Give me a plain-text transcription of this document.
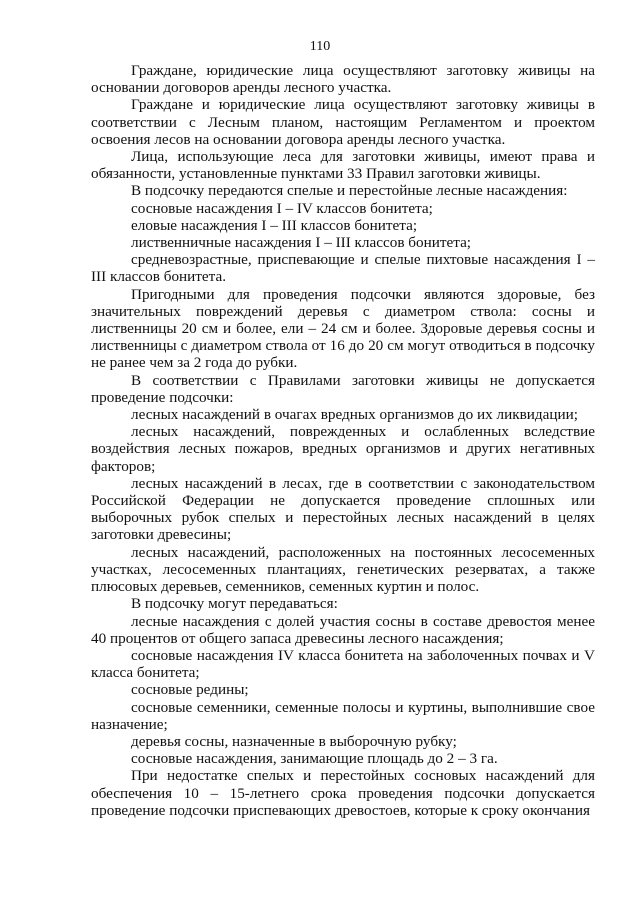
110

Граждане, юридические лица осуществляют заготовку живицы на основании договоров аренды лесного участка.

Граждане и юридические лица осуществляют заготовку живицы в соответствии с Лесным планом, настоящим Регламентом и проектом освоения лесов на основании договора аренды лесного участка.

Лица, использующие леса для заготовки живицы, имеют права и обязанности, установленные пунктами 33 Правил заготовки живицы.

В подсочку передаются спелые и перестойные лесные насаждения:

сосновые насаждения I – IV классов бонитета;

еловые насаждения I – III классов бонитета;

лиственничные насаждения I – III классов бонитета;

средневозрастные, приспевающие и спелые пихтовые насаждения I – III классов бонитета.

Пригодными для проведения подсочки являются здоровые, без значительных повреждений деревья с диаметром ствола: сосны и лиственницы 20 см и более, ели – 24 см и более. Здоровые деревья сосны и лиственницы с диаметром ствола от 16 до 20 см могут отводиться в подсочку не ранее чем за 2 года до рубки.

В соответствии с Правилами заготовки живицы не допускается проведение подсочки:

лесных насаждений в очагах вредных организмов до их ликвидации;

лесных насаждений, поврежденных и ослабленных вследствие воздействия лесных пожаров, вредных организмов и других негативных факторов;

лесных насаждений в лесах, где в соответствии с законодательством Российской Федерации не допускается проведение сплошных или выборочных рубок спелых и перестойных лесных насаждений в целях заготовки древесины;

лесных насаждений, расположенных на постоянных лесосеменных участках, лесосеменных плантациях, генетических резерватах, а также плюсовых деревьев, семенников, семенных куртин и полос.

В подсочку могут передаваться:

лесные насаждения с долей участия сосны в составе древостоя менее 40 процентов от общего запаса древесины лесного насаждения;

сосновые насаждения IV класса бонитета на заболоченных почвах и V класса бонитета;

сосновые редины;

сосновые семенники, семенные полосы и куртины, выполнившие свое назначение;

деревья сосны, назначенные в выборочную рубку;

сосновые насаждения, занимающие площадь до 2 – 3 га.

При недостатке спелых и перестойных сосновых насаждений для обеспечения 10 – 15-летнего срока проведения подсочки допускается проведение подсочки приспевающих древостоев, которые к сроку окончания
